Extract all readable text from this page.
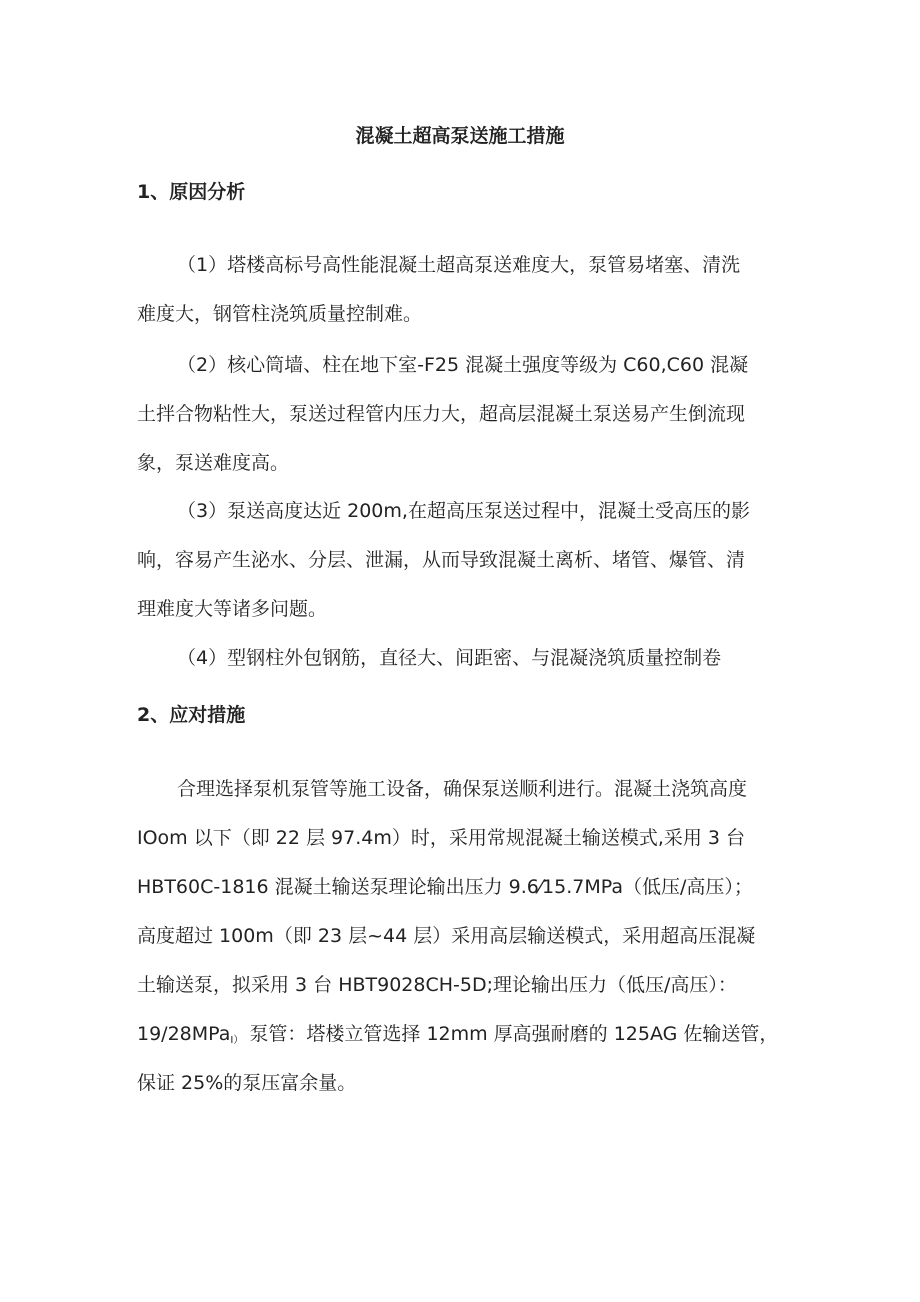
混凝土超高泵送施工措施
1、原因分析
（1）塔楼高标号高性能混凝土超高泵送难度大，泵管易堵塞、清洗
难度大，钢管柱浇筑质量控制难。
（2）核心筒墙、柱在地下室-F25 混凝土强度等级为 C60,C60 混凝
土拌合物粘性大，泵送过程管内压力大，超高层混凝土泵送易产生倒流现
象，泵送难度高。
（3）泵送高度达近 200m,在超高压泵送过程中，混凝土受高压的影
响，容易产生泌水、分层、泄漏，从而导致混凝土离析、堵管、爆管、清
理难度大等诸多问题。
（4）型钢柱外包钢筋，直径大、间距密、与混凝浇筑质量控制卷
2、应对措施
合理选择泵机泵管等施工设备，确保泵送顺利进行。混凝土浇筑高度
IOom 以下（即 22 层 97.4m）时，采用常规混凝土输送模式,采用 3 台
HBT60C-1816 混凝土输送泵理论输出压力 9.6⁄15.7MPa（低压/高压）；
高度超过 100m（即 23 层~44 层）采用高层输送模式，采用超高压混凝
土输送泵，拟采用 3 台 HBT9028CH-5D;理论输出压力（低压/高压）：
19/28MPa$_{I)}$ 泵管：塔楼立管选择 12mm 厚高强耐磨的 125AG 佐输送管，
保证 25%的泵压富余量。
